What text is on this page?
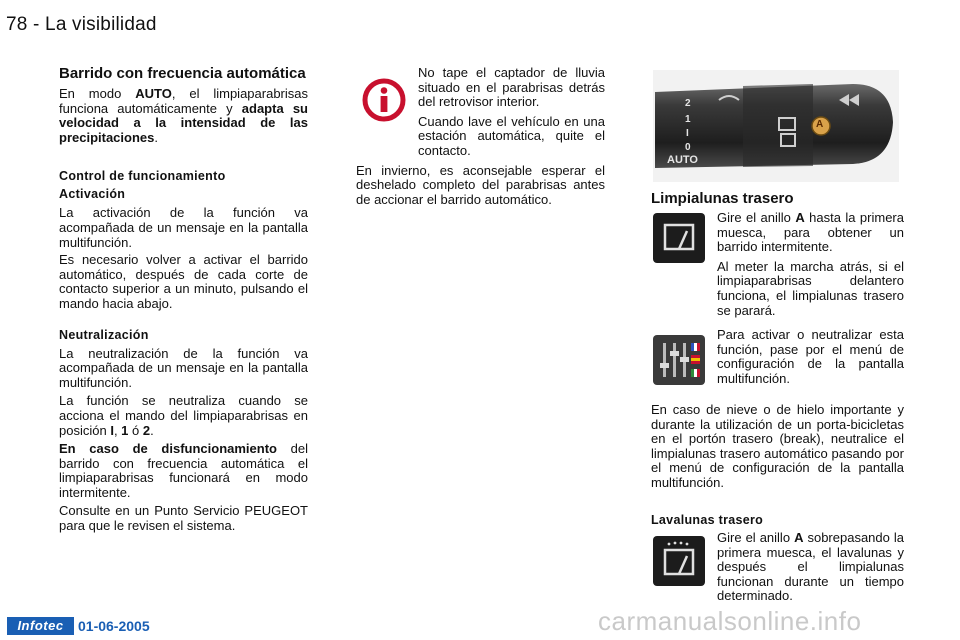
78 - La visibilidad

Barrido con frecuencia automática

En modo AUTO, el limpiaparabrisas funciona automáticamente y adapta su velocidad a la intensidad de las precipitaciones.

Control de funcionamiento

Activación

La activación de la función va acompañada de un mensaje en la pantalla multifunción.

Es necesario volver a activar el barrido automático, después de cada corte de contacto superior a un minuto, pulsando el mando hacia abajo.

Neutralización

La neutralización de la función va acompañada de un mensaje en la pantalla multifunción.

La función se neutraliza cuando se acciona el mando del limpiaparabrisas en posición I, 1 ó 2.

En caso de disfuncionamiento del barrido con frecuencia automática el limpiaparabrisas funcionará en modo intermitente.

Consulte en un Punto Servicio PEUGEOT para que le revisen el sistema.

No tape el captador de lluvia situado en el parabrisas detrás del retrovisor interior.

Cuando lave el vehículo en una estación automática, quite el contacto.

En invierno, es aconsejable esperar el deshelado completo del parabrisas antes de accionar el barrido automático.

AUTO
A
2
1
I
0
Limpialunas trasero

Gire el anillo A hasta la primera muesca, para obtener un barrido intermitente.

Al meter la marcha atrás, si el limpiaparabrisas delantero funciona, el limpialunas trasero se parará.

Para activar o neutralizar esta función, pase por el menú de configuración de la pantalla multifunción.
En caso de nieve o de hielo importante y durante la utilización de un porta-bicicletas en el portón trasero (break), neutralice el limpialunas trasero automático pasando por el menú de configuración de la pantalla multifunción.
Lavalunas trasero
Gire el anillo A sobrepasando la primera muesca, el lavalunas y después el limpialunas funcionan durante un tiempo determinado.
Infotec	01-06-2005	carmanualsonline.info
